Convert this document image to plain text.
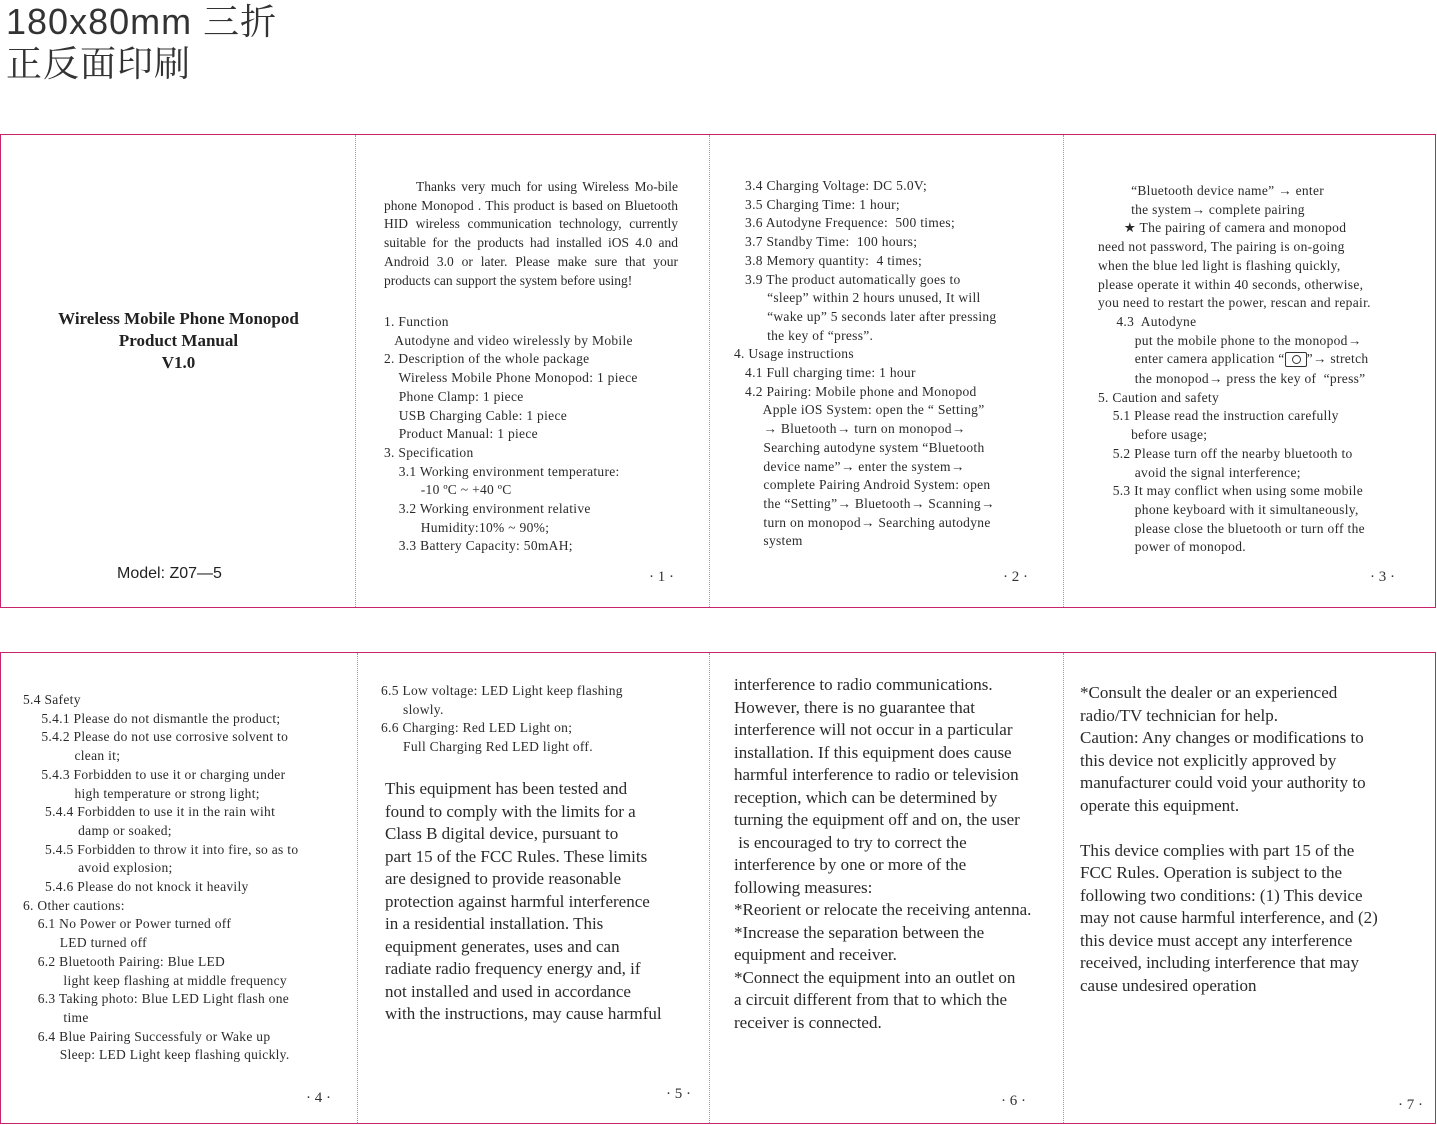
180x80mm 三折
正反面印刷
Wireless Mobile Phone Monopod
Product Manual
V1.0
Model: Z07—5
Thanks very much for using Wireless Mo-bile phone Monopod . This product is based on Bluetooth HID wireless communication technology, currently suitable for the products had installed iOS 4.0 and Android 3.0 or later. Please make sure that your products can support the system before using!
1. Function
Autodyne and video wirelessly by Mobile
2. Description of the whole package
Wireless Mobile Phone Monopod: 1 piece
Phone Clamp: 1 piece
USB Charging Cable: 1 piece
Product Manual: 1 piece
3. Specification
3.1 Working environment temperature:
-10 ºC ~ +40 ºC
3.2 Working environment relative
Humidity:10% ~ 90%;
3.3 Battery Capacity: 50mAH;
· 1 ·
3.4 Charging Voltage: DC 5.0V;
3.5 Charging Time: 1 hour;
3.6 Autodyne Frequence:  500 times;
3.7 Standby Time:  100 hours;
3.8 Memory quantity:  4 times;
3.9 The product automatically goes to
“sleep” within 2 hours unused, It will
“wake up” 5 seconds later after pressing
the key of “press”.
4. Usage instructions
4.1 Full charging time: 1 hour
4.2 Pairing: Mobile phone and Monopod
Apple iOS System: open the “ Setting”
→ Bluetooth→ turn on monopod→
Searching autodyne system “Bluetooth
device name”→ enter the system→
complete Pairing Android System: open
the “Setting”→ Bluetooth→ Scanning→
turn on monopod→ Searching autodyne
system
· 2 ·
“Bluetooth device name” → enter
the system→ complete pairing
★ The pairing of camera and monopod
need not password, The pairing is on-going
when the blue led light is flashing quickly,
please operate it within 40 seconds, otherwise,
you need to restart the power, rescan and repair.
4.3  Autodyne
put the mobile phone to the monopod→
enter camera application “ ”→ stretch
the monopod→ press the key of  “press”
5. Caution and safety
5.1 Please read the instruction carefully
before usage;
5.2 Please turn off the nearby bluetooth to
avoid the signal interference;
5.3 It may conflict when using some mobile
phone keyboard with it simultaneously,
please close the bluetooth or turn off the
power of monopod.
· 3 ·
5.4 Safety
5.4.1 Please do not dismantle the product;
5.4.2 Please do not use corrosive solvent to
clean it;
5.4.3 Forbidden to use it or charging under
high temperature or strong light;
5.4.4 Forbidden to use it in the rain wiht
damp or soaked;
5.4.5 Forbidden to throw it into fire, so as to
avoid explosion;
5.4.6 Please do not knock it heavily
6. Other cautions:
6.1 No Power or Power turned off
LED turned off
6.2 Bluetooth Pairing: Blue LED
light keep flashing at middle frequency
6.3 Taking photo: Blue LED Light flash one
time
6.4 Blue Pairing Successfuly or Wake up
Sleep: LED Light keep flashing quickly.
· 4 ·
6.5 Low voltage: LED Light keep flashing
slowly.
6.6 Charging: Red LED Light on;
Full Charging Red LED light off.
This equipment has been tested and
found to comply with the limits for a
Class B digital device, pursuant to
part 15 of the FCC Rules. These limits
are designed to provide reasonable
protection against harmful interference
in a residential installation. This
equipment generates, uses and can
radiate radio frequency energy and, if
not installed and used in accordance
with the instructions, may cause harmful
· 5 ·
interference to radio communications.
However, there is no guarantee that
interference will not occur in a particular
installation. If this equipment does cause
harmful interference to radio or television
reception, which can be determined by
turning the equipment off and on, the user
is encouraged to try to correct the
interference by one or more of the
following measures:
*Reorient or relocate the receiving antenna.
*Increase the separation between the
equipment and receiver.
*Connect the equipment into an outlet on
a circuit different from that to which the
receiver is connected.
· 6 ·
*Consult the dealer or an experienced
radio/TV technician for help.
Caution: Any changes or modifications to
this device not explicitly approved by
manufacturer could void your authority to
operate this equipment.

This device complies with part 15 of the
FCC Rules. Operation is subject to the
following two conditions: (1) This device
may not cause harmful interference, and (2)
this device must accept any interference
received, including interference that may
cause undesired operation
· 7 ·
